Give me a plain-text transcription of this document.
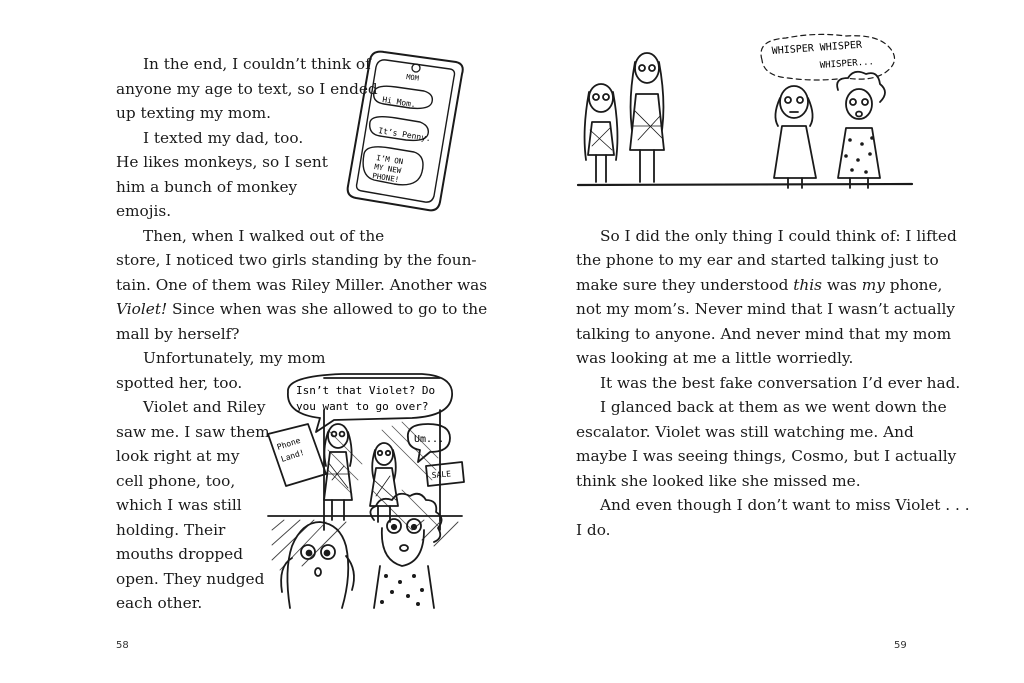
In the end, I couldn’t think of

anyone my age to text, so I ended

up texting my mom.

I texted my dad, too.

He likes monkeys, so I sent

him a bunch of monkey

emojis.

Then, when I walked out of the

store, I noticed two girls standing by the foun-

tain. One of them was Riley Miller. Another was

Violet! Since when was she allowed to go to the

mall by herself?

Unfortunately, my mom

spotted her, too.

Violet and Riley

saw me. I saw them

look right at my

cell phone, too,

which I was still

holding. Their

mouths dropped

open. They nudged

each other.

58
MOM
Hi Mom.
It’s Penny.
I’M ON
MY NEW
PHONE!
Isn’t that Violet? Do
you want to go over?
Um...
Phone
Land!
SALE
WHISPER WHISPER
WHISPER...

So I did the only thing I could think of: I lifted

the phone to my ear and started talking just to

make sure they understood this was my phone,

not my mom’s. Never mind that I wasn’t actually

talking to anyone. And never mind that my mom

was looking at me a little worriedly.

It was the best fake conversation I’d ever had.

I glanced back at them as we went down the

escalator. Violet was still watching me. And

maybe I was seeing things, Cosmo, but I actually

think she looked like she missed me.

And even though I don’t want to miss Violet . . .

I do.

59
